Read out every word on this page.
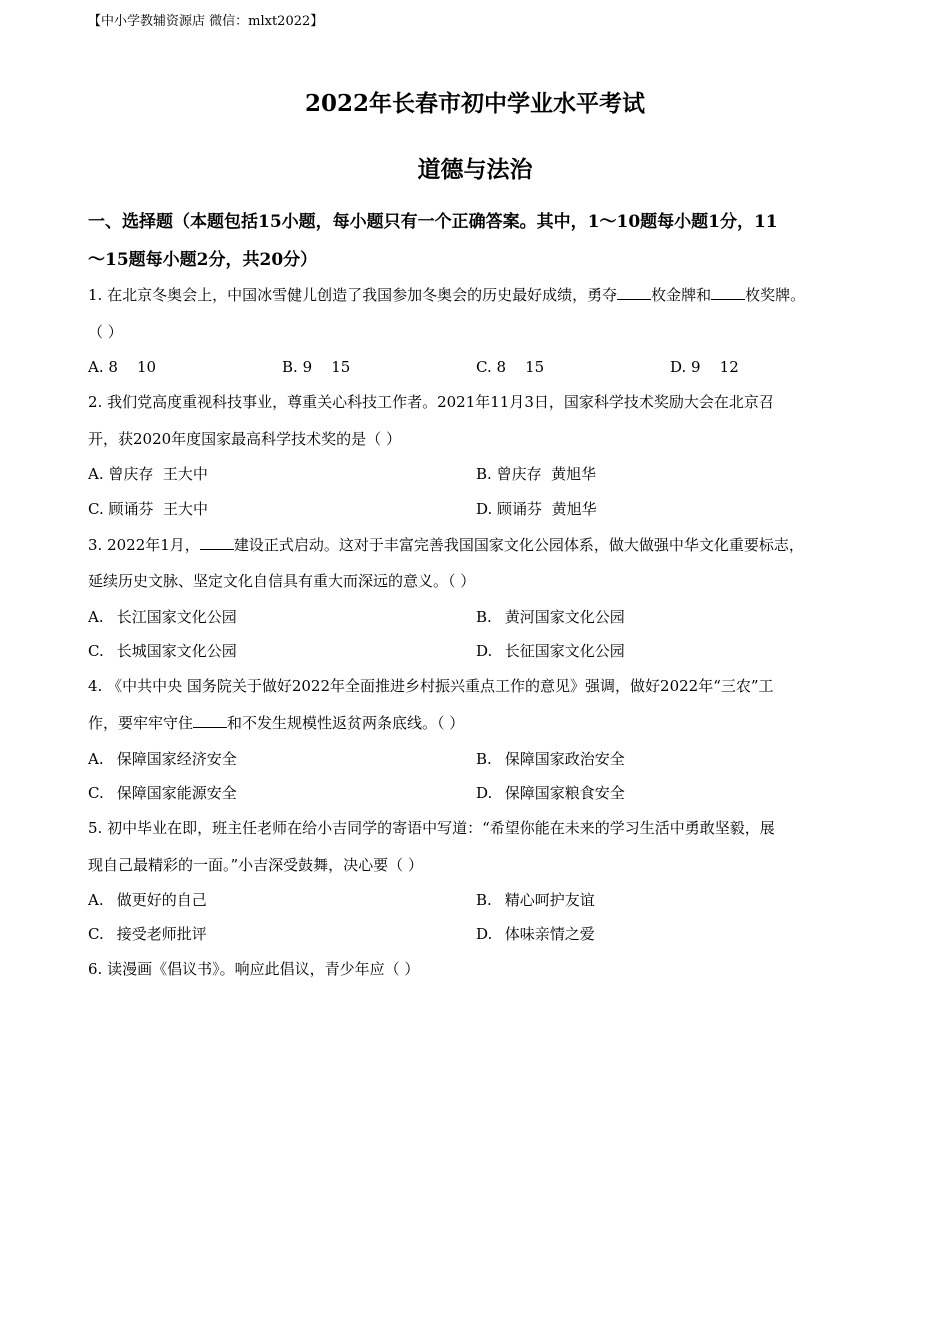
【中小学教辅资源店 微信：mlxt2022】
2022年长春市初中学业水平考试
道德与法治
一、选择题（本题包括15小题，每小题只有一个正确答案。其中，1～10题每小题1分，11
～15题每小题2分，共20分）
1. 在北京冬奥会上，中国冰雪健儿创造了我国参加冬奥会的历史最好成绩，勇夺 枚金牌和 枚奖牌。
（ ）
A. 8    10	B. 9    15	C. 8    15	D. 9    12
2. 我们党高度重视科技事业，尊重关心科技工作者。2021年11月3日，国家科学技术奖励大会在北京召
开，获2020年度国家最高科学技术奖的是（ ）
A. 曾庆存  王大中	B. 曾庆存  黄旭华
C. 顾诵芬  王大中	D. 顾诵芬  黄旭华
3. 2022年1月， 建设正式启动。这对于丰富完善我国国家文化公园体系，做大做强中华文化重要标志，
延续历史文脉、坚定文化自信具有重大而深远的意义。（ ）
A. 长江国家文化公园	B. 黄河国家文化公园
C. 长城国家文化公园	D. 长征国家文化公园
4. 《中共中央 国务院关于做好2022年全面推进乡村振兴重点工作的意见》强调，做好2022年“三农”工
作，要牢牢守住 和不发生规模性返贫两条底线。（ ）
A. 保障国家经济安全	B. 保障国家政治安全
C. 保障国家能源安全	D. 保障国家粮食安全
5. 初中毕业在即，班主任老师在给小吉同学的寄语中写道：“希望你能在未来的学习生活中勇敢坚毅，展
现自己最精彩的一面。”小吉深受鼓舞，决心要（ ）
A. 做更好的自己	B. 精心呵护友谊
C. 接受老师批评	D. 体味亲情之爱
6. 读漫画《倡议书》。响应此倡议，青少年应（ ）
